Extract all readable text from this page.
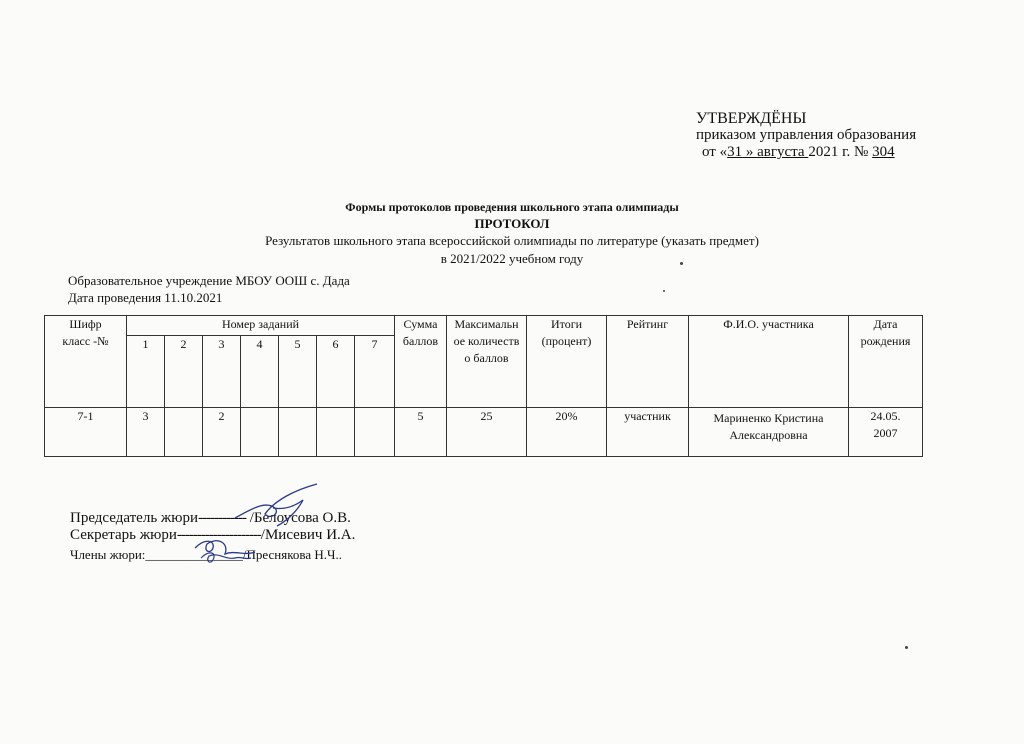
УТВЕРЖДЁНЫ
приказом управления образования
от «31 » августа 2021 г. № 304
Формы протоколов проведения школьного этапа олимпиады
ПРОТОКОЛ
Результатов школьного этапа всероссийской олимпиады по литературе (указать предмет)
в 2021/2022 учебном году
Образовательное учреждение МБОУ ООШ с. Дада
Дата проведения 11.10.2021
Шифр класс -№	Номер заданий							Сумма баллов	Максимальное количество баллов	Итоги (процент)	Рейтинг	Ф.И.О. участника	Дата рождения

	1	2	3	4	5	6	7						
7-1	3		2					5	25	20%	участник	Мариненко Кристина Александровна	24.05. 2007
Председатель жюри------------ /Белоусова О.В.
Секретарь жюри---------------------/Мисевич И.А.
Члены жюри:_______________/Преснякова Н.Ч..
